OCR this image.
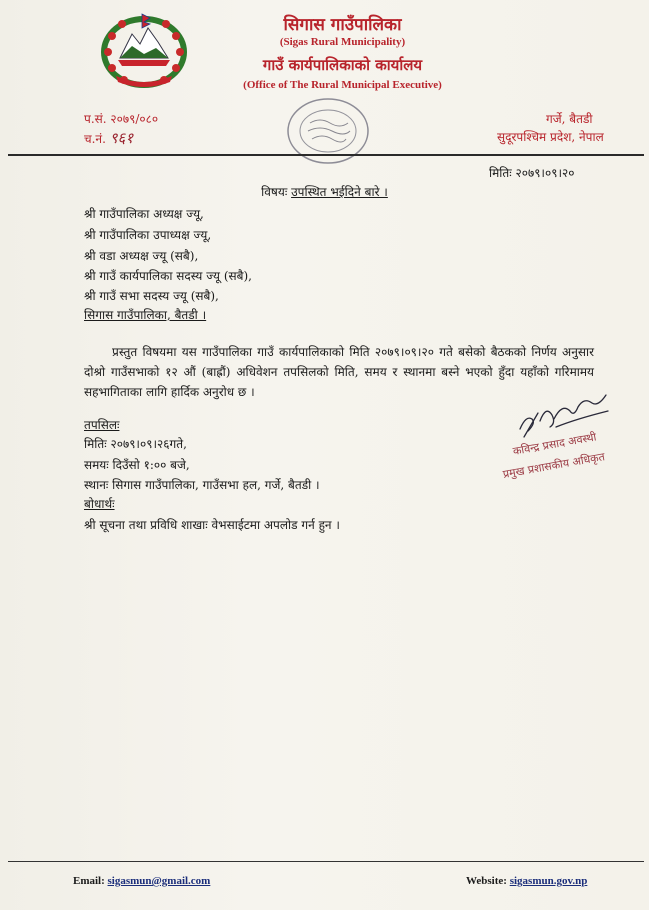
सिगास गाउँपालिका
(Sigas Rural Municipality)
गाउँ कार्यपालिकाको कार्यालय
(Office of The Rural Municipal Executive)
प.सं. २०७९/०८०
च.नं. ९६१
गर्जे, बैतडी
सुदूरपश्चिम प्रदेश, नेपाल
मितिः २०७९।०९।२०
विषयः उपस्थित भईदिने बारे ।
श्री गाउँपालिका अध्यक्ष ज्यू,
श्री गाउँपालिका उपाध्यक्ष ज्यू,
श्री वडा अध्यक्ष ज्यू (सबै),
श्री गाउँ कार्यपालिका सदस्य ज्यू (सबै),
श्री गाउँ सभा सदस्य ज्यू (सबै),
सिगास गाउँपालिका, बैतडी ।
प्रस्तुत विषयमा यस गाउँपालिका गाउँ कार्यपालिकाको मिति २०७९।०९।२० गते बसेको बैठकको निर्णय अनुसार दोश्रो गाउँसभाको १२ औं (बाह्रौं) अधिवेशन तपसिलको मिति, समय र स्थानमा बस्ने भएको हुँदा यहाँको गरिमामय सहभागिताका लागि हार्दिक अनुरोध छ ।
तपसिलः
मितिः २०७९।०९।२६गते,
समयः दिउँसो १:०० बजे,
स्थानः सिगास गाउँपालिका, गाउँसभा हल, गर्जे, बैतडी ।
बोधार्थः
श्री सूचना तथा प्रविधि शाखाः वेभसाईटमा अपलोड गर्न हुन ।
कविन्द्र प्रसाद अवस्थी
प्रमुख प्रशासकीय अधिकृत
Email: sigasmun@gmail.com	Website: sigasmun.gov.np
